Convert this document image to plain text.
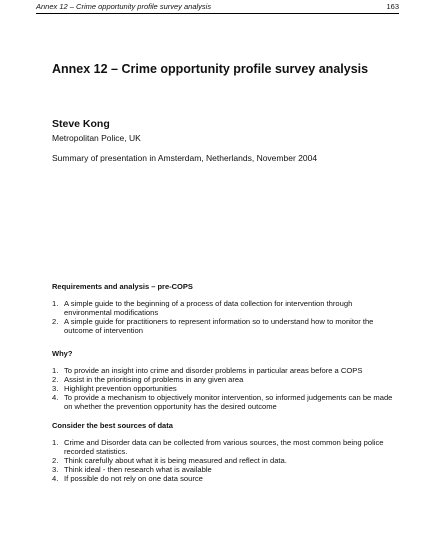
Annex 12 – Crime opportunity profile survey analysis	163
Annex 12 – Crime opportunity profile survey analysis
Steve Kong
Metropolitan Police, UK
Summary of presentation in Amsterdam, Netherlands, November 2004
Requirements and analysis – pre-COPS
1. A simple guide to the beginning of a process of data collection for intervention through environmental modifications
2. A simple guide for practitioners to represent information so to understand how to monitor the outcome of intervention
Why?
1. To provide an insight into crime and disorder problems in particular areas before a COPS
2. Assist in the prioritising of problems in any given area
3. Highlight prevention opportunities
4. To provide a mechanism to objectively monitor intervention, so informed judgements can be made on whether the prevention opportunity has the desired outcome
Consider the best sources of data
1. Crime and Disorder data can be collected from various sources, the most common being police recorded statistics.
2. Think carefully about what it is being measured and reflect in data.
3. Think ideal - then research what is available
4. If possible do not rely on one data source
